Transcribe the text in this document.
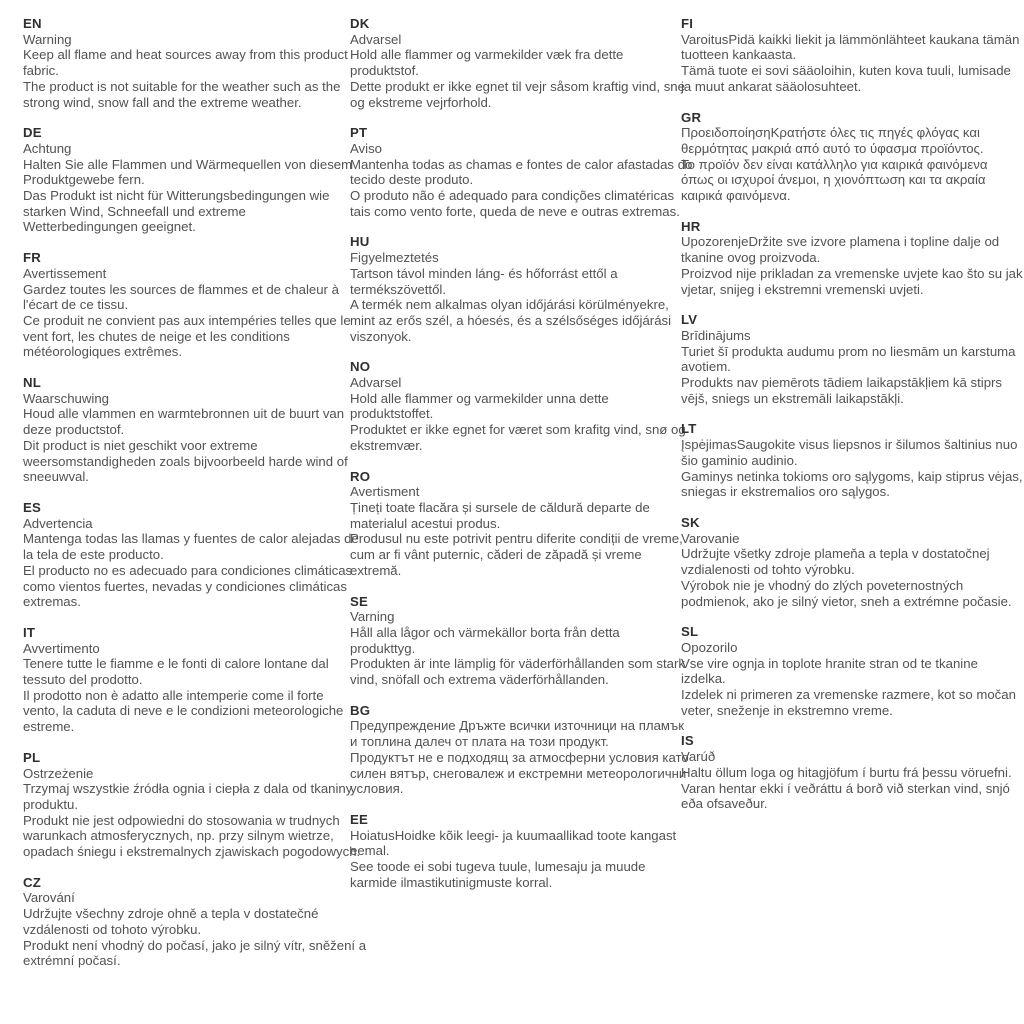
EN
Warning
Keep all flame and heat sources away from this product
fabric.
The product is not suitable for the weather such as the
strong wind, snow fall and the extreme weather.
DE
Achtung
Halten Sie alle Flammen und Wärmequellen von diesem
Produktgewebe fern.
Das Produkt ist nicht für Witterungsbedingungen wie
starken Wind, Schneefall und extreme
Wetterbedingungen geeignet.
FR
Avertissement
Gardez toutes les sources de flammes et de chaleur à
l'écart de ce tissu.
Ce produit ne convient pas aux intempéries telles que le
vent fort, les chutes de neige et les conditions
météorologiques extrêmes.
NL
Waarschuwing
Houd alle vlammen en warmtebronnen uit de buurt van
deze productstof.
Dit product is niet geschikt voor extreme
weersomstandigheden zoals bijvoorbeeld harde wind of
sneeuwval.
ES
Advertencia
Mantenga todas las llamas y fuentes de calor alejadas de
la tela de este producto.
El producto no es adecuado para condiciones climáticas
como vientos fuertes, nevadas y condiciones climáticas
extremas.
IT
Avvertimento
Tenere tutte le fiamme e le fonti di calore lontane dal
tessuto del prodotto.
Il prodotto non è adatto alle intemperie come il forte
vento, la caduta di neve e le condizioni meteorologiche
estreme.
PL
Ostrzeżenie
Trzymaj wszystkie źródła ognia i ciepła z dala od tkaniny
produktu.
Produkt nie jest odpowiedni do stosowania w trudnych
warunkach atmosferycznych, np. przy silnym wietrze,
opadach śniegu i ekstremalnych zjawiskach pogodowych.
CZ
Varování
Udržujte všechny zdroje ohně a tepla v dostatečné
vzdálenosti od tohoto výrobku.
Produkt není vhodný do počasí, jako je silný vítr, sněžení a
extrémní počasí.
DK
Advarsel
Hold alle flammer og varmekilder væk fra dette
produktstof.
Dette produkt er ikke egnet til vejr såsom kraftig vind, sne
og ekstreme vejrforhold.
PT
Aviso
Mantenha todas as chamas e fontes de calor afastadas do
tecido deste produto.
O produto não é adequado para condições climatéricas
tais como vento forte, queda de neve e outras extremas.
HU
Figyelmeztetés
Tartson távol minden láng- és hőforrást ettől a
termékszövettől.
A termék nem alkalmas olyan időjárási körülményekre,
mint az erős szél, a hóesés, és a szélsőséges időjárási
viszonyok.
NO
Advarsel
Hold alle flammer og varmekilder unna dette
produktstoffet.
Produktet er ikke egnet for været som krafitg vind, snø og
ekstremvær.
RO
Avertisment
Țineți toate flacăra și sursele de căldură departe de
materialul acestui produs.
Produsul nu este potrivit pentru diferite condiții de vreme,
cum ar fi vânt puternic, căderi de zăpadă și vreme
extremă.
SE
Varning
Håll alla lågor och värmekällor borta från detta
produkttyg.
Produkten är inte lämplig för väderförhållanden som stark
vind, snöfall och extrema väderförhållanden.
BG
Предупреждение Дръжте всички източници на пламък
и топлина далеч от плата на този продукт.
Продуктът не е подходящ за атмосферни условия като
силен вятър, снеговалеж и екстремни метеорологични
условия.
EE
HoiatusHoidke kõik leegi- ja kuumaallikad toote kangast
eemal.
See toode ei sobi tugeva tuule, lumesaju ja muude
karmide ilmastikutinigmuste korral.
FI
VaroitusPidä kaikki liekit ja lämmönlähteet kaukana tämän
tuotteen kankaasta.
Tämä tuote ei sovi sääoloihin, kuten kova tuuli, lumisade
ja muut ankarat sääolosuhteet.
GR
ΠροειδοποίησηΚρατήστε όλες τις πηγές φλόγας και
θερμότητας μακριά από αυτό το ύφασμα προϊόντος.
Το προϊόν δεν είναι κατάλληλο για καιρικά φαινόμενα
όπως οι ισχυροί άνεμοι, η χιονόπτωση και τα ακραία
καιρικά φαινόμενα.
HR
UpozorenjeDržite sve izvore plamena i topline dalje od
tkanine ovog proizvoda.
Proizvod nije prikladan za vremenske uvjete kao što su jak
vjetar, snijeg i ekstremni vremenski uvjeti.
LV
Brīdinājums
Turiet šī produkta audumu prom no liesmām un karstuma
avotiem.
Produkts nav piemērots tādiem laikapstākļiem kā stiprs
vējš, sniegs un ekstremāli laikapstākļi.
LT
ĮspėjimasSaugokite visus liepsnos ir šilumos šaltinius nuo
šio gaminio audinio.
Gaminys netinka tokioms oro sąlygoms, kaip stiprus vėjas,
sniegas ir ekstremalios oro sąlygos.
SK
Varovanie
Udržujte všetky zdroje plameňa a tepla v dostatočnej
vzdialenosti od tohto výrobku.
Výrobok nie je vhodný do zlých poveternostných
podmienok, ako je silný vietor, sneh a extrémne počasie.
SL
Opozorilo
Vse vire ognja in toplote hranite stran od te tkanine
izdelka.
Izdelek ni primeren za vremenske razmere, kot so močan
veter, sneženje in ekstremno vreme.
IS
Varúð
Haltu öllum loga og hitagjöfum í burtu frá þessu vöruefni.
Varan hentar ekki í veðráttu á borð við sterkan vind, snjó
eða ofsaveður.
